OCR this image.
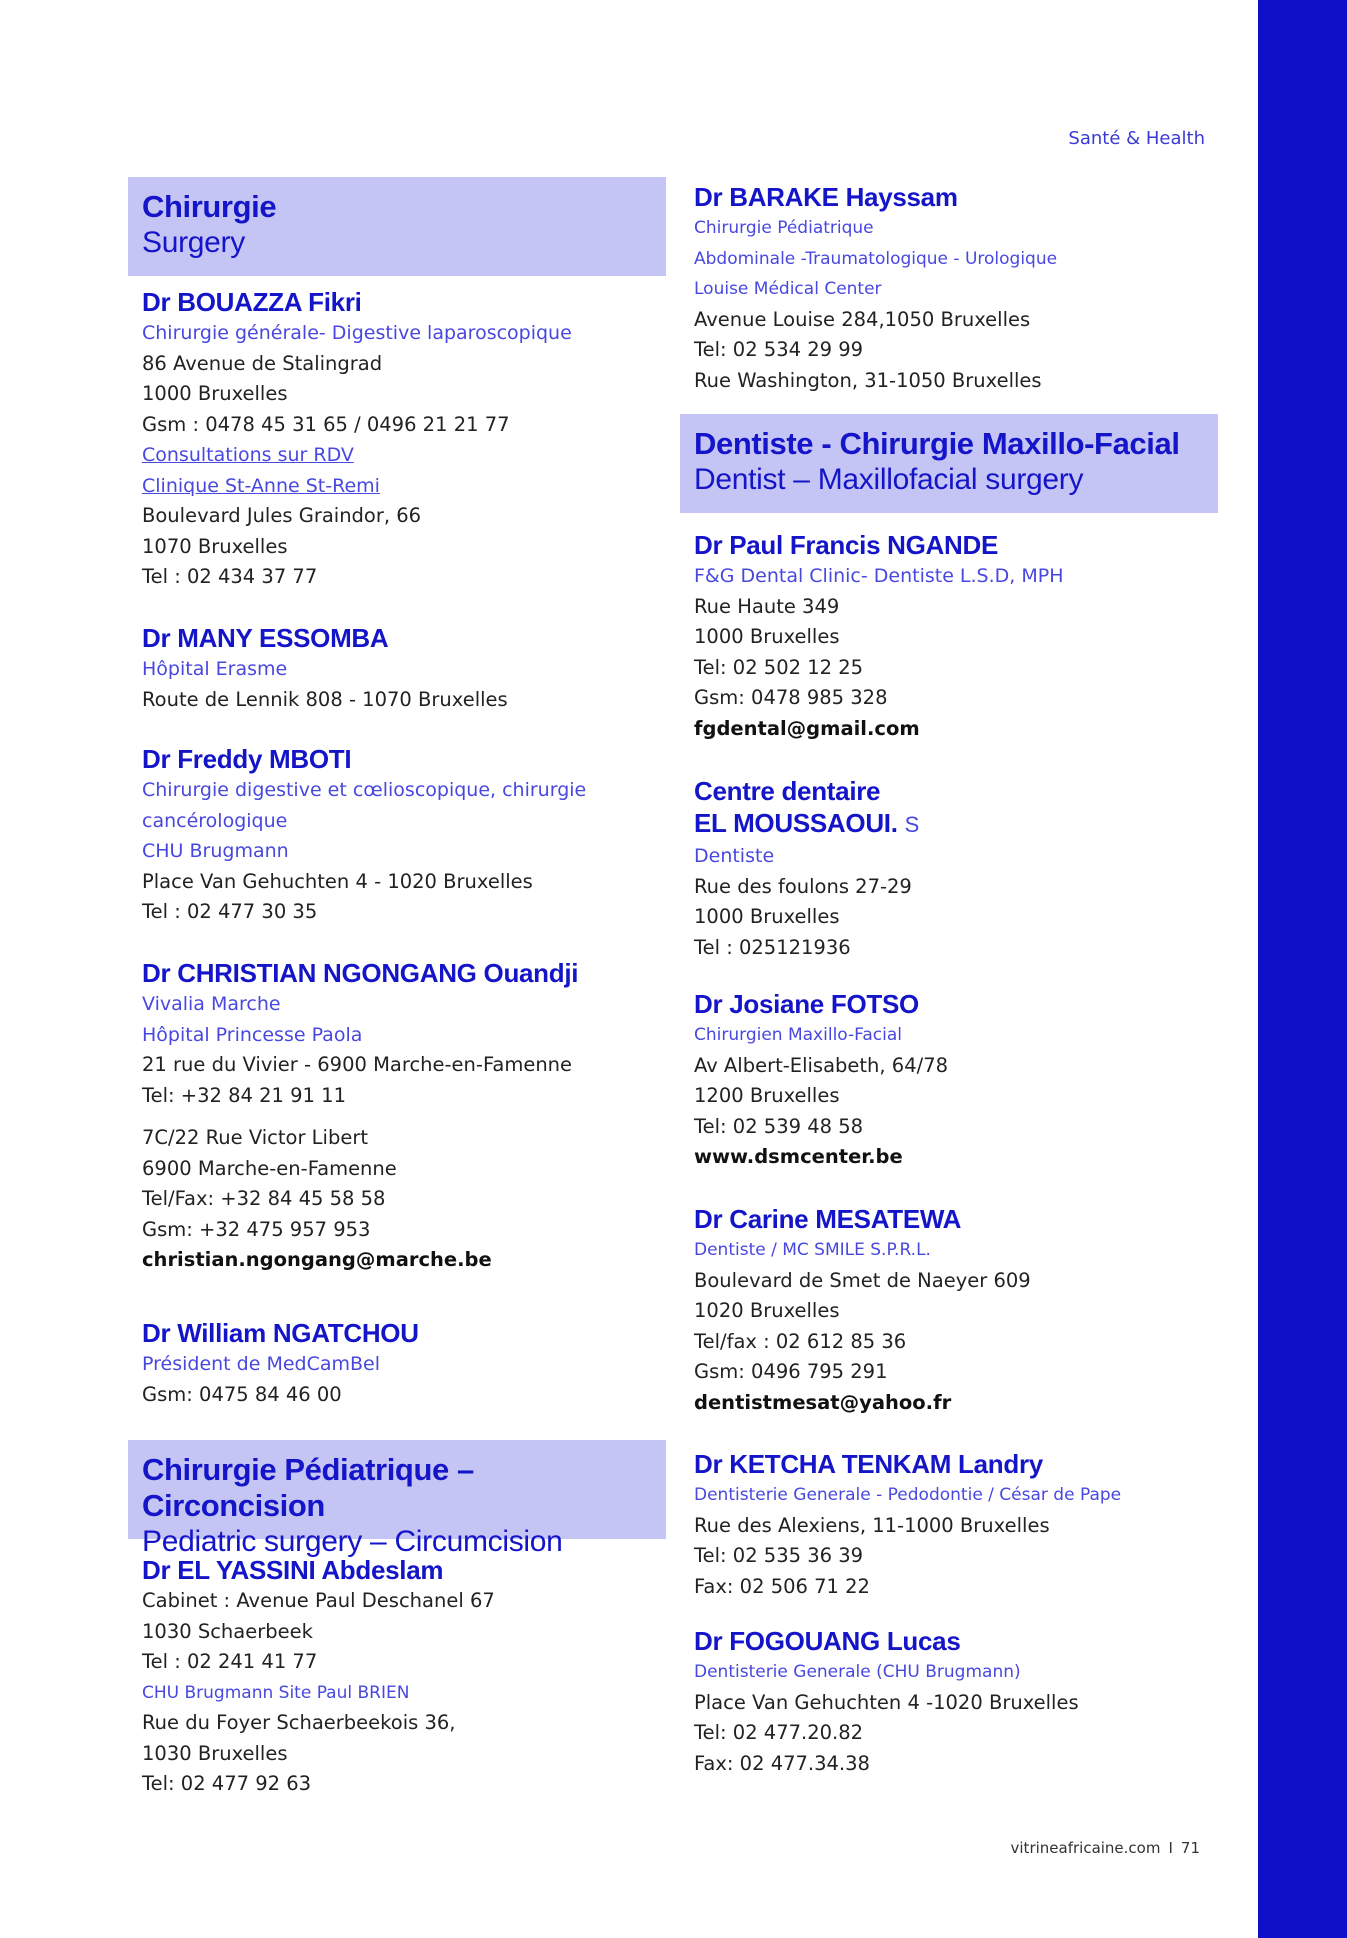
Santé & Health
Chirurgie
Surgery
Dr BOUAZZA Fikri
Chirurgie générale- Digestive laparoscopique
86 Avenue de Stalingrad
1000 Bruxelles
Gsm : 0478 45 31 65 / 0496 21 21 77
Consultations sur RDV
Clinique St-Anne St-Remi
Boulevard Jules Graindor, 66
1070 Bruxelles
Tel : 02 434 37 77
Dr MANY ESSOMBA
Hôpital Erasme
Route de Lennik 808 - 1070 Bruxelles
Dr Freddy MBOTI
Chirurgie digestive et cœlioscopique, chirurgie
cancérologique
CHU Brugmann
Place Van Gehuchten 4 - 1020 Bruxelles
Tel : 02 477 30 35
Dr CHRISTIAN NGONGANG Ouandji
Vivalia Marche
Hôpital Princesse Paola
21 rue du Vivier - 6900 Marche-en-Famenne
Tel: +32 84 21 91 11
7C/22 Rue Victor Libert
6900 Marche-en-Famenne
Tel/Fax: +32 84 45 58 58
Gsm: +32 475 957 953
christian.ngongang@marche.be
Dr William NGATCHOU
Président de MedCamBel
Gsm: 0475 84 46 00
Chirurgie Pédiatrique – Circoncision
Pediatric surgery – Circumcision
Dr EL YASSINI Abdeslam
Cabinet : Avenue Paul Deschanel 67
1030 Schaerbeek
Tel : 02 241 41 77
CHU Brugmann Site Paul BRIEN
Rue du Foyer Schaerbeekois 36,
1030 Bruxelles
Tel: 02 477 92 63
Dr BARAKE Hayssam
Chirurgie Pédiatrique
Abdominale -Traumatologique - Urologique
Louise Médical Center
Avenue Louise 284,1050 Bruxelles
Tel: 02 534 29 99
Rue Washington, 31-1050 Bruxelles
Dentiste - Chirurgie Maxillo-Facial
Dentist – Maxillofacial surgery
Dr Paul Francis NGANDE
F&G Dental Clinic- Dentiste L.S.D, MPH
Rue Haute 349
1000 Bruxelles
Tel: 02 502 12 25
Gsm: 0478 985 328
fgdental@gmail.com
Centre dentaire
EL MOUSSAOUI. S
Dentiste
Rue des foulons 27-29
1000 Bruxelles
Tel : 025121936
Dr Josiane FOTSO
Chirurgien Maxillo-Facial
Av Albert-Elisabeth, 64/78
1200 Bruxelles
Tel: 02 539 48 58
www.dsmcenter.be
Dr Carine MESATEWA
Dentiste / MC SMILE S.P.R.L.
Boulevard de Smet de Naeyer 609
1020 Bruxelles
Tel/fax : 02 612 85 36
Gsm: 0496 795 291
dentistmesat@yahoo.fr
Dr KETCHA TENKAM Landry
Dentisterie Generale - Pedodontie / César de Pape
Rue des Alexiens, 11-1000 Bruxelles
Tel: 02 535 36 39
Fax: 02 506 71 22
Dr FOGOUANG Lucas
Dentisterie Generale (CHU Brugmann)
Place Van Gehuchten 4 -1020 Bruxelles
Tel: 02 477.20.82
Fax: 02 477.34.38
vitrineafricaine.com I 71
